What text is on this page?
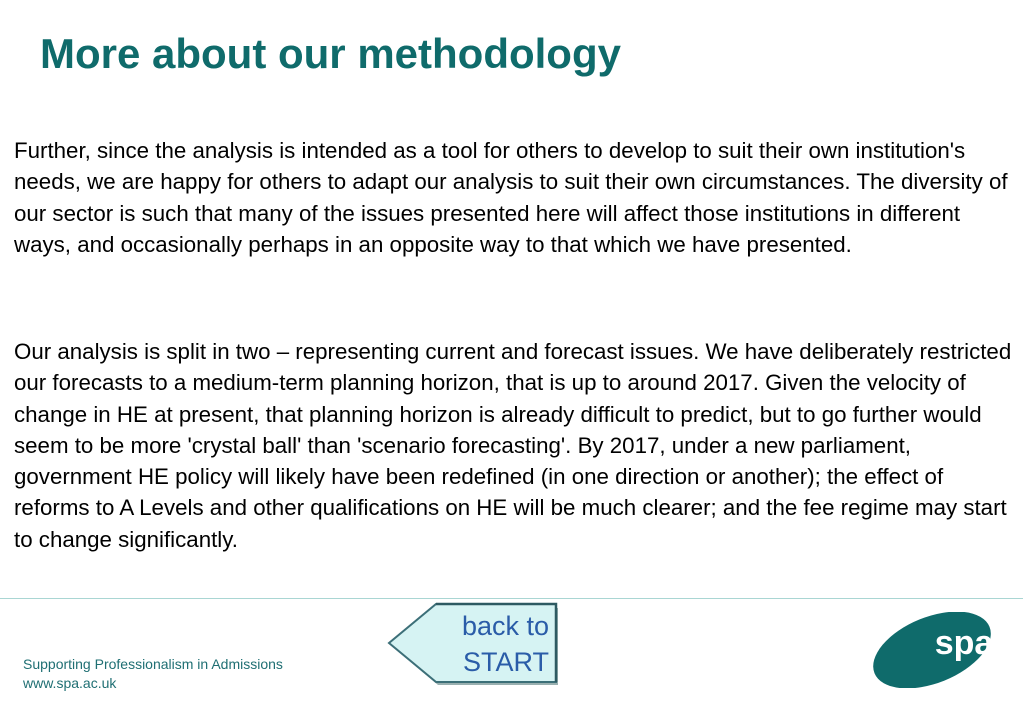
More about our methodology

Further, since the analysis is intended as a tool for others to develop to suit their own institution's needs, we are happy for others to adapt our analysis to suit their own circumstances. The diversity of our sector is such that many of the issues presented here will affect those institutions in different ways, and occasionally perhaps in an opposite way to that which we have presented.

Our analysis is split in two – representing current and forecast issues. We have deliberately restricted our forecasts to a medium-term planning horizon, that is up to around 2017. Given the velocity of change in HE at present, that planning horizon is already difficult to predict, but to go further would seem to be more 'crystal ball' than 'scenario forecasting'. By 2017, under a new parliament, government HE policy will likely have been redefined (in one direction or another); the effect of reforms to A Levels and other qualifications on HE will be much clearer; and the fee regime may start to change significantly.

Supporting Professionalism in Admissions
www.spa.ac.uk
back to
START	spa
